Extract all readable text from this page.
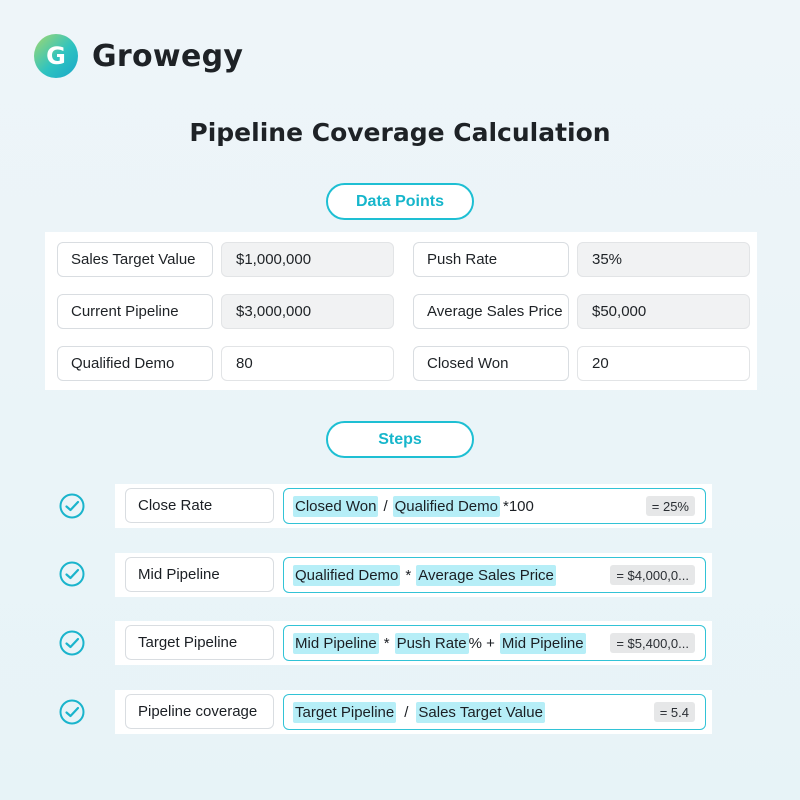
G Growegy
Pipeline Coverage Calculation
Data Points
Sales Target Value	$1,000,000	Push Rate	35%
Current Pipeline	$3,000,000	Average Sales Price	$50,000
Qualified Demo	80	Closed Won	20
Steps
Close Rate	Closed Won / Qualified Demo *100	= 25%
Mid Pipeline	Qualified Demo * Average Sales Price	= $4,000,0...
Target Pipeline	Mid Pipeline * Push Rate % + Mid Pipeline	= $5,400,0...
Pipeline coverage	Target Pipeline / Sales Target Value	= 5.4
